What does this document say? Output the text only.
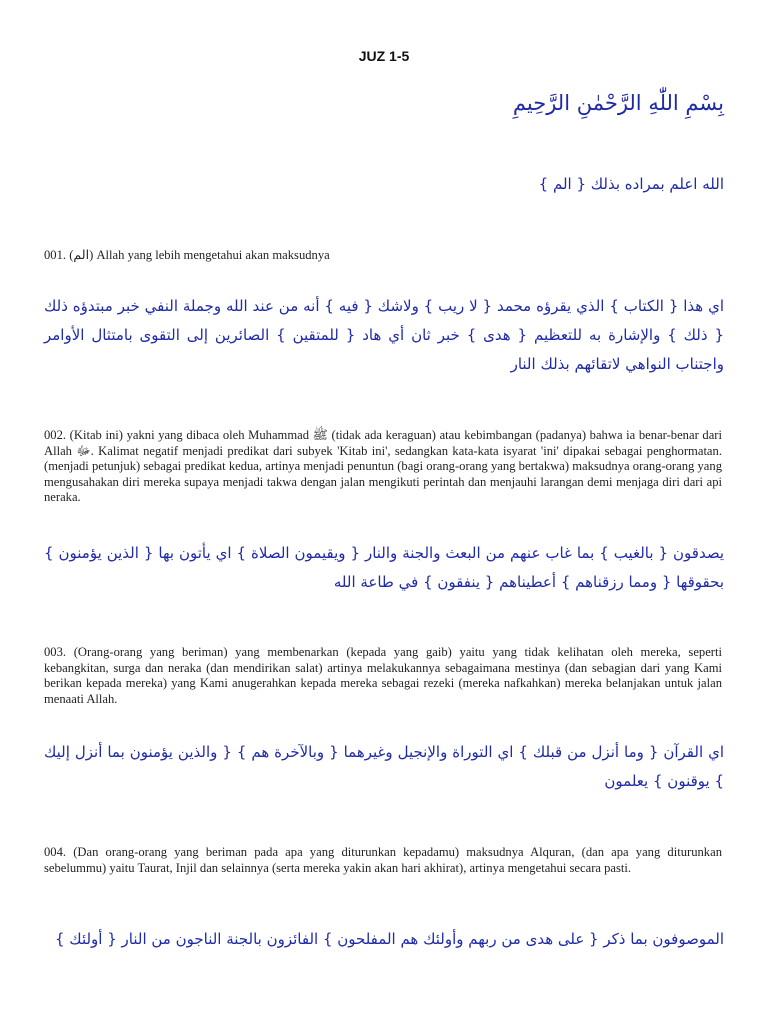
JUZ 1-5
بِسْمِ اللّٰهِ الرَّحْمٰنِ الرَّحِيمِ
الله اعلم بمراده بذلك { الم }
001. (الم) Allah yang lebih mengetahui akan maksudnya
اي هذا { الكتاب } الذي يقرؤه محمد { لا ريب } ولاشك { فيه } أنه من عند الله وجملة النفي خبر مبتدؤه ذلك { ذلك } والإشارة به للتعظيم { هدى } خبر ثان أي هاد { للمتقين } الصائرين إلى التقوى بامتثال الأوامر واجتناب النواهي لاتقائهم بذلك النار
002. (Kitab ini) yakni yang dibaca oleh Muhammad ﷺ (tidak ada keraguan) atau kebimbangan (padanya) bahwa ia benar-benar dari Allah ﷻ. Kalimat negatif menjadi predikat dari subyek 'Kitab ini', sedangkan kata-kata isyarat 'ini' dipakai sebagai penghormatan. (menjadi petunjuk) sebagai predikat kedua, artinya menjadi penuntun (bagi orang-orang yang bertakwa) maksudnya orang-orang yang mengusahakan diri mereka supaya menjadi takwa dengan jalan mengikuti perintah dan menjauhi larangan demi menjaga diri dari api neraka.
يصدقون { بالغيب } بما غاب عنهم من البعث والجنة والنار { ويقيمون الصلاة } اي يأتون بها { الذين يؤمنون } بحقوقها { ومما رزقناهم } أعطيناهم { ينفقون } في طاعة الله
003. (Orang-orang yang beriman) yang membenarkan (kepada yang gaib) yaitu yang tidak kelihatan oleh mereka, seperti kebangkitan, surga dan neraka (dan mendirikan salat) artinya melakukannya sebagaimana mestinya (dan sebagian dari yang Kami berikan kepada mereka) yang Kami anugerahkan kepada mereka sebagai rezeki (mereka nafkahkan) mereka belanjakan untuk jalan menaati Allah.
اي القرآن { وما أنزل من قبلك } اي التوراة والإنجيل وغيرهما { وبالآخرة هم } { والذين يؤمنون بما أنزل إليك } يوقنون } يعلمون
004. (Dan orang-orang yang beriman pada apa yang diturunkan kepadamu) maksudnya Alquran, (dan apa yang diturunkan sebelummu) yaitu Taurat, Injil dan selainnya (serta mereka yakin akan hari akhirat), artinya mengetahui secara pasti.
الموصوفون بما ذكر { على هدى من ربهم وأولئك هم المفلحون } الفائزون بالجنة الناجون من النار { أولئك }
